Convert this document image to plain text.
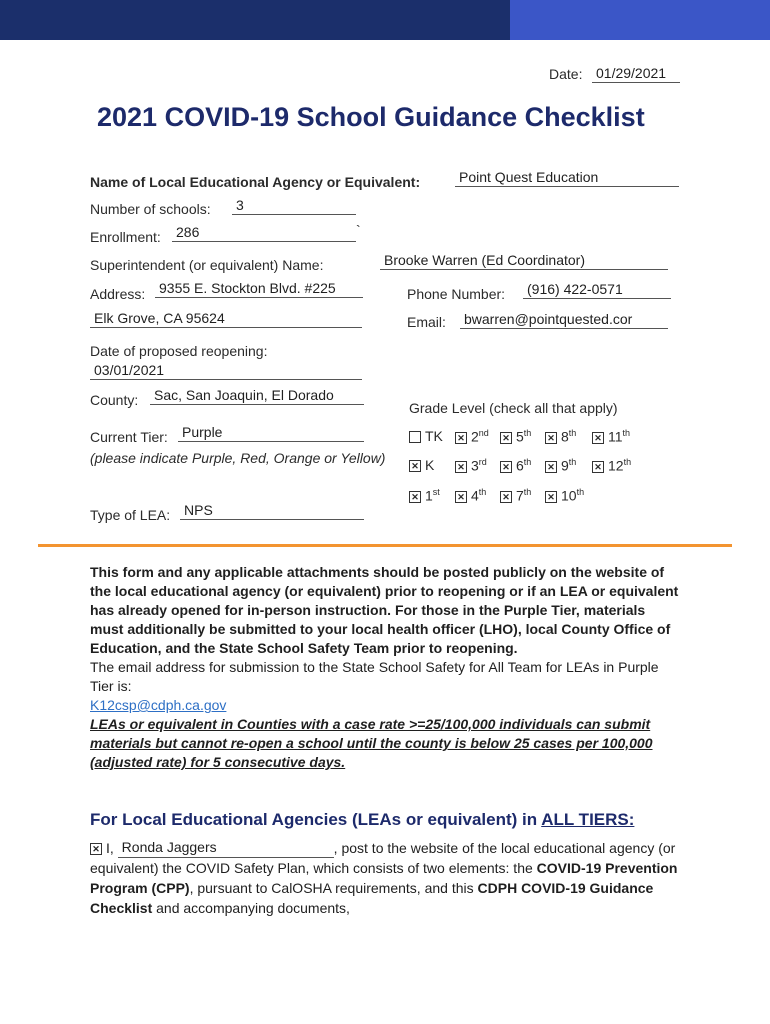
Date: 01/29/2021
2021 COVID-19 School Guidance Checklist
Name of Local Educational Agency or Equivalent:	Point Quest Education
Number of schools: 3
Enrollment: 286	`
Superintendent (or equivalent) Name:	Brooke Warren (Ed Coordinator)
Address: 9355 E. Stockton Blvd. #225
Elk Grove, CA 95624
Phone Number: (916) 422-0571
Email: bwarren@pointquested.cor
Date of proposed reopening:
03/01/2021
County: Sac, San Joaquin, El Dorado
Current Tier: Purple
(please indicate Purple, Red, Orange or Yellow)
Type of LEA: NPS
Grade Level (check all that apply)
TK ✕ 2nd ✕ 5th ✕ 8th ✕ 11th
✕ K	✕ 3rd ✕ 6th ✕ 9th ✕ 12th
✕ 1st ✕ 4th ✕ 7th ✕ 10th
This form and any applicable attachments should be posted publicly on the website of the local educational agency (or equivalent) prior to reopening or if an LEA or equivalent has already opened for in-person instruction. For those in the Purple Tier, materials must additionally be submitted to your local health officer (LHO), local County Office of Education, and the State School Safety Team prior to reopening.
The email address for submission to the State School Safety for All Team for LEAs in Purple Tier is:
K12csp@cdph.ca.gov
LEAs or equivalent in Counties with a case rate >=25/100,000 individuals can submit materials but cannot re-open a school until the county is below 25 cases per 100,000 (adjusted rate) for 5 consecutive days.
For Local Educational Agencies (LEAs or equivalent) in ALL TIERS:
✕ I, Ronda Jaggers	, post to the website of the local educational agency (or equivalent) the COVID Safety Plan, which consists of two elements: the COVID-19 Prevention Program (CPP), pursuant to CalOSHA requirements, and this CDPH COVID-19 Guidance Checklist and accompanying documents,
